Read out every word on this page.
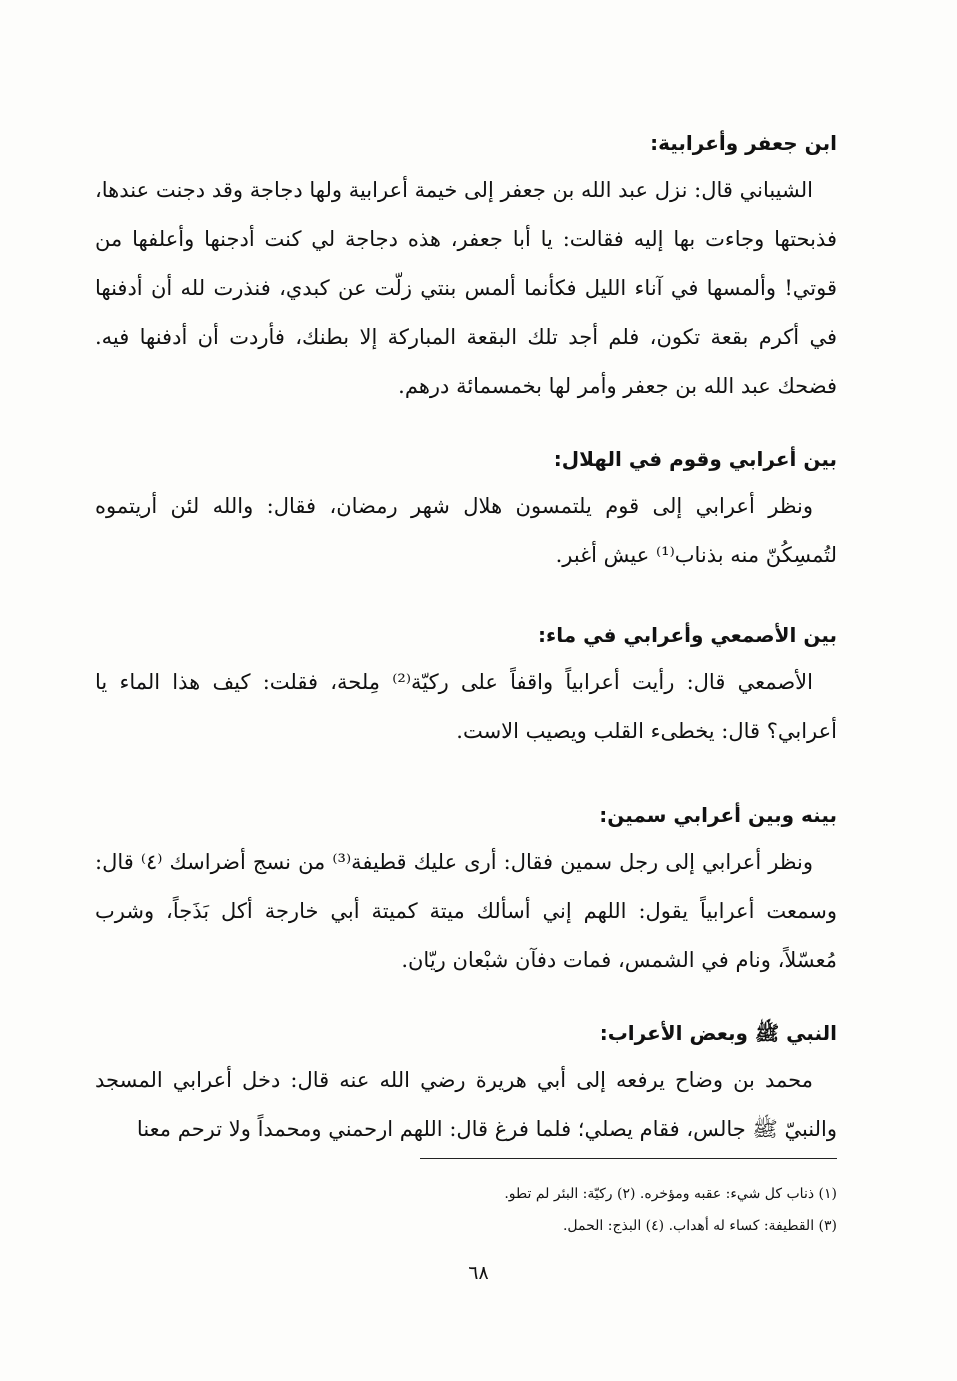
ابن جعفر وأعرابية:

الشيباني قال: نزل عبد الله بن جعفر إلى خيمة أعرابية ولها دجاجة وقد دجنت عندها، فذبحتها وجاءت بها إليه فقالت: يا أبا جعفر، هذه دجاجة لي كنت أدجنها وأعلفها من قوتي! وألمسها في آناء الليل فكأنما ألمس بنتي زلّت عن كبدي، فنذرت لله أن أدفنها في أكرم بقعة تكون، فلم أجد تلك البقعة المباركة إلا بطنك، فأردت أن أدفنها فيه. فضحك عبد الله بن جعفر وأمر لها بخمسمائة درهم.

بين أعرابي وقوم في الهلال:

ونظر أعرابي إلى قوم يلتمسون هلال شهر رمضان، فقال: والله لئن أريتموه لتُمسِكُنّ منه بذناب⁽¹⁾ عيش أغبر.

بين الأصمعي وأعرابي في ماء:

الأصمعي قال: رأيت أعرابياً واقفاً على ركيّة⁽²⁾ مِلحة، فقلت: كيف هذا الماء يا أعرابي؟ قال: يخطىء القلب ويصيب الاست.

بينه وبين أعرابي سمين:

ونظر أعرابي إلى رجل سمين فقال: أرى عليك قطيفة⁽³⁾ من نسج أضراسك ⁽٤⁾ قال: وسمعت أعرابياً يقول: اللهم إني أسألك ميتة كميتة أبي خارجة أكل بَذَجاً، وشرب مُعسّلاً، ونام في الشمس، فمات دفآن شبْعان ريّان.

النبي ﷺ وبعض الأعراب:

محمد بن وضاح يرفعه إلى أبي هريرة رضي الله عنه قال: دخل أعرابي المسجد والنبيّ ﷺ جالس، فقام يصلي؛ فلما فرغ قال: اللهم ارحمني ومحمداً ولا ترحم معنا

(١) ذناب كل شيء: عقبه ومؤخره. (٢) ركيّة: البئر لم تطو.

(٣) القطيفة: كساء له أهداب. (٤) البذج: الحمل.

٦٨
